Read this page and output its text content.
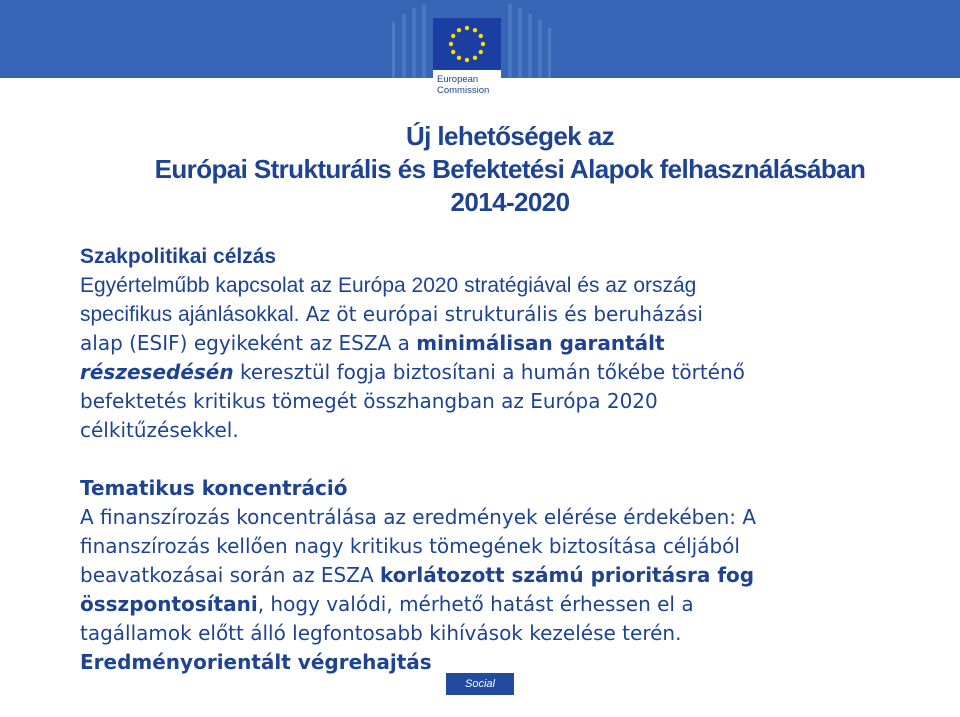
European
Commission
Új lehetőségek az
Európai Strukturális és Befektetési Alapok felhasználásában
2014-2020

Szakpolitikai célzás

Egyértelműbb kapcsolat az Európa 2020 stratégiával és az ország

specifikus ajánlásokkal. Az öt európai strukturális és beruházási

alap (ESIF) egyikeként az ESZA a minimálisan garantált

részesedésén keresztül fogja biztosítani a humán tőkébe történő

befektetés kritikus tömegét összhangban az Európa 2020

célkitűzésekkel.

Tematikus koncentráció

A finanszírozás koncentrálása az eredmények elérése érdekében: A

finanszírozás kellően nagy kritikus tömegének biztosítása céljából

beavatkozásai során az ESZA korlátozott számú prioritásra fog

összpontosítani, hogy valódi, mérhető hatást érhessen el a

tagállamok előtt álló legfontosabb kihívások kezelése terén.

Eredményorientált végrehajtás

Social Europe
